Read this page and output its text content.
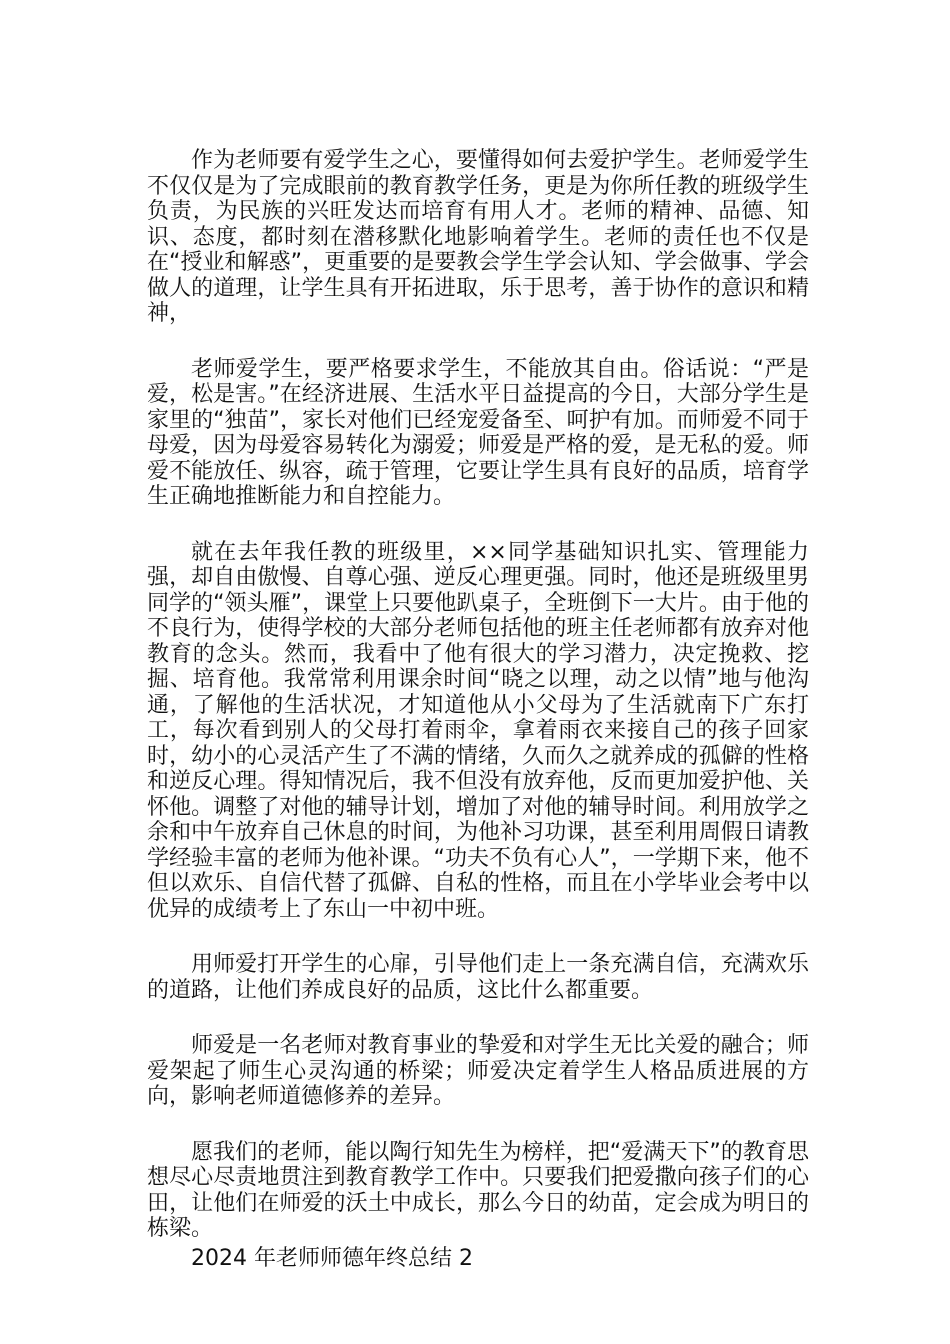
作为老师要有爱学生之心，要懂得如何去爱护学生。老师爱学生不仅仅是为了完成眼前的教育教学任务，更是为你所任教的班级学生负责，为民族的兴旺发达而培育有用人才。老师的精神、品德、知识、态度，都时刻在潜移默化地影响着学生。老师的责任也不仅是在“授业和解惑”，更重要的是要教会学生学会认知、学会做事、学会做人的道理，让学生具有开拓进取，乐于思考，善于协作的意识和精神，

老师爱学生，要严格要求学生，不能放其自由。俗话说：“严是爱，松是害。”在经济进展、生活水平日益提高的今日，大部分学生是家里的“独苗”，家长对他们已经宠爱备至、呵护有加。而师爱不同于母爱，因为母爱容易转化为溺爱；师爱是严格的爱，是无私的爱。师爱不能放任、纵容，疏于管理，它要让学生具有良好的品质，培育学生正确地推断能力和自控能力。

就在去年我任教的班级里，××同学基础知识扎实、管理能力强，却自由傲慢、自尊心强、逆反心理更强。同时，他还是班级里男同学的“领头雁”，课堂上只要他趴桌子，全班倒下一大片。由于他的不良行为，使得学校的大部分老师包括他的班主任老师都有放弃对他教育的念头。然而，我看中了他有很大的学习潜力，决定挽救、挖掘、培育他。我常常利用课余时间“晓之以理，动之以情”地与他沟通，了解他的生活状况，才知道他从小父母为了生活就南下广东打工，每次看到别人的父母打着雨伞，拿着雨衣来接自己的孩子回家时，幼小的心灵活产生了不满的情绪，久而久之就养成的孤僻的性格和逆反心理。得知情况后，我不但没有放弃他，反而更加爱护他、关怀他。调整了对他的辅导计划，增加了对他的辅导时间。利用放学之余和中午放弃自己休息的时间，为他补习功课，甚至利用周假日请教学经验丰富的老师为他补课。“功夫不负有心人”，一学期下来，他不但以欢乐、自信代替了孤僻、自私的性格，而且在小学毕业会考中以优异的成绩考上了东山一中初中班。

用师爱打开学生的心扉，引导他们走上一条充满自信，充满欢乐的道路，让他们养成良好的品质，这比什么都重要。

师爱是一名老师对教育事业的挚爱和对学生无比关爱的融合；师爱架起了师生心灵沟通的桥梁；师爱决定着学生人格品质进展的方向，影响老师道德修养的差异。

愿我们的老师，能以陶行知先生为榜样，把“爱满天下”的教育思想尽心尽责地贯注到教育教学工作中。只要我们把爱撒向孩子们的心田，让他们在师爱的沃土中成长，那么今日的幼苗，定会成为明日的栋梁。

2024 年老师师德年终总结 2
